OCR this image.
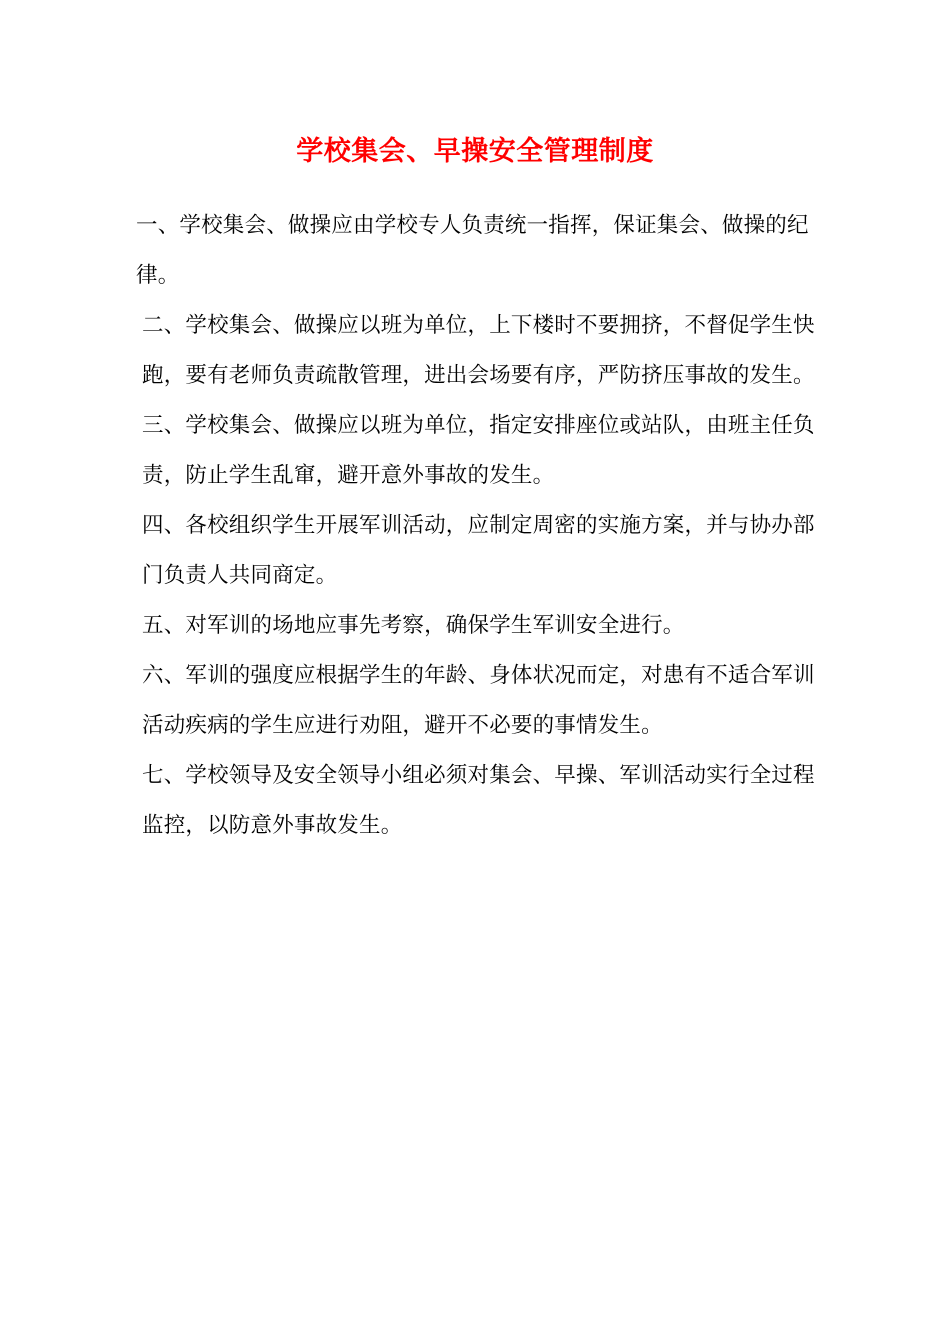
学校集会、早操安全管理制度

一、学校集会、做操应由学校专人负责统一指挥，保证集会、做操的纪律。

二、学校集会、做操应以班为单位，上下楼时不要拥挤，不督促学生快跑，要有老师负责疏散管理，进出会场要有序，严防挤压事故的发生。

三、学校集会、做操应以班为单位，指定安排座位或站队，由班主任负责，防止学生乱窜，避开意外事故的发生。

四、各校组织学生开展军训活动，应制定周密的实施方案，并与协办部门负责人共同商定。

五、对军训的场地应事先考察，确保学生军训安全进行。

六、军训的强度应根据学生的年龄、身体状况而定，对患有不适合军训活动疾病的学生应进行劝阻，避开不必要的事情发生。

七、学校领导及安全领导小组必须对集会、早操、军训活动实行全过程监控，以防意外事故发生。
